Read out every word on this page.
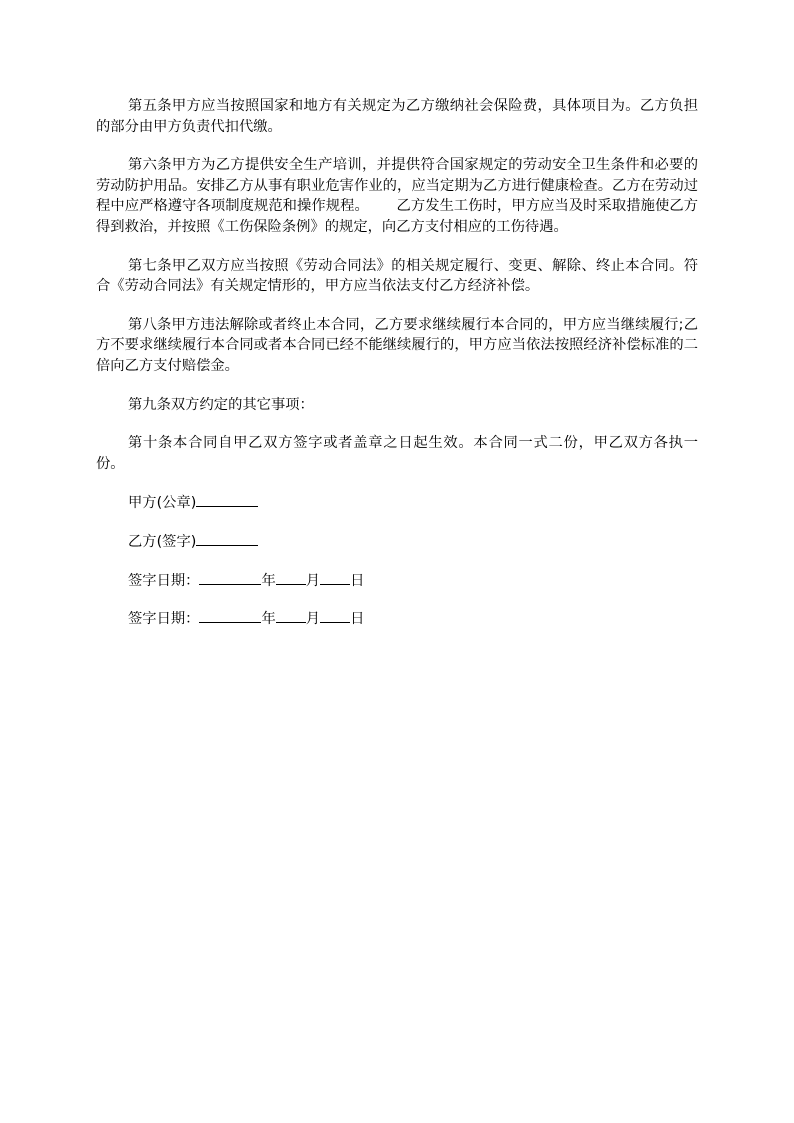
第五条甲方应当按照国家和地方有关规定为乙方缴纳社会保险费，具体项目为。乙方负担的部分由甲方负责代扣代缴。

第六条甲方为乙方提供安全生产培训，并提供符合国家规定的劳动安全卫生条件和必要的劳动防护用品。安排乙方从事有职业危害作业的，应当定期为乙方进行健康检查。乙方在劳动过程中应严格遵守各项制度规范和操作规程。      乙方发生工伤时，甲方应当及时采取措施使乙方得到救治，并按照《工伤保险条例》的规定，向乙方支付相应的工伤待遇。

第七条甲乙双方应当按照《劳动合同法》的相关规定履行、变更、解除、终止本合同。符合《劳动合同法》有关规定情形的，甲方应当依法支付乙方经济补偿。

第八条甲方违法解除或者终止本合同，乙方要求继续履行本合同的，甲方应当继续履行;乙方不要求继续履行本合同或者本合同已经不能继续履行的，甲方应当依法按照经济补偿标准的二倍向乙方支付赔偿金。

第九条双方约定的其它事项：

第十条本合同自甲乙双方签字或者盖章之日起生效。本合同一式二份，甲乙双方各执一份。

甲方(公章)
乙方(签字)
签字日期：	年 月 日
签字日期：	年 月 日
